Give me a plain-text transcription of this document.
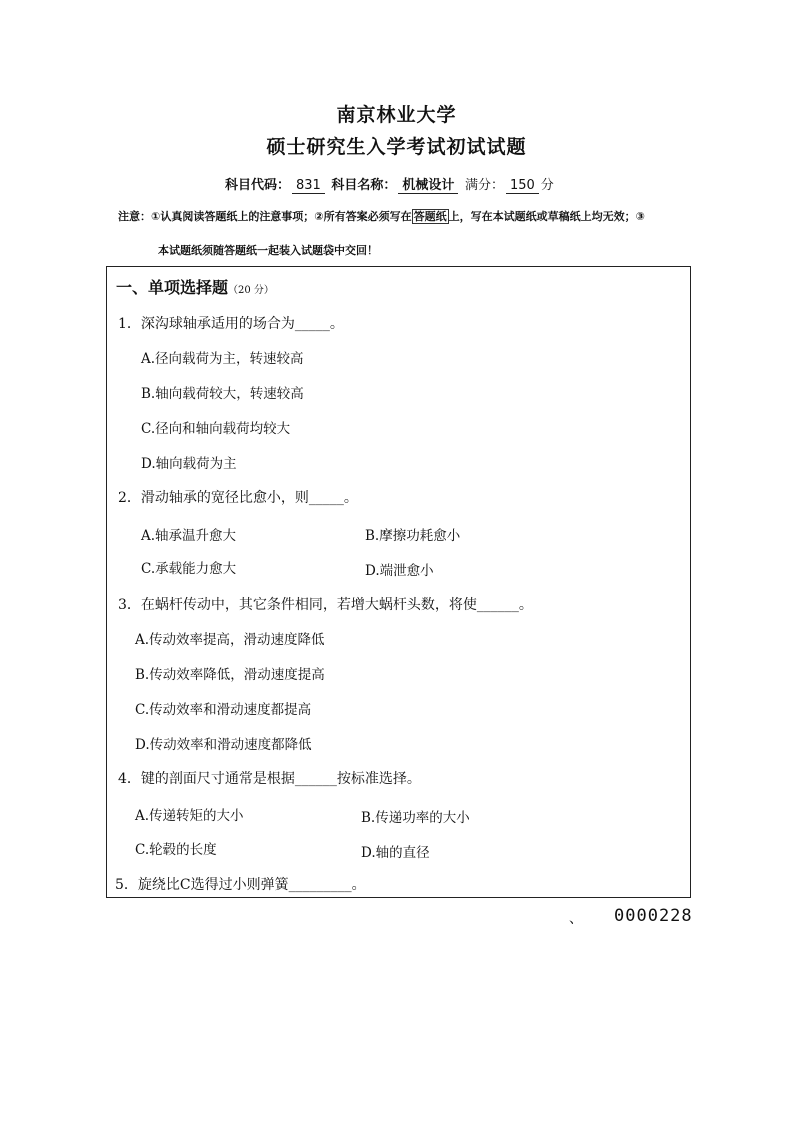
南京林业大学
硕士研究生入学考试初试试题
科目代码： 831 科目名称： 机械设计 满分： 150 分
注意：①认真阅读答题纸上的注意事项；②所有答案必须写在 答题纸 上，写在本试题纸或草稿纸上均无效；③
本试题纸须随答题纸一起装入试题袋中交回！
一、单项选择题（20 分）
1．深沟球轴承适用的场合为_____。
A.径向载荷为主，转速较高
B.轴向载荷较大，转速较高
C.径向和轴向载荷均较大
D.轴向载荷为主
2．滑动轴承的宽径比愈小，则_____。
A.轴承温升愈大	B.摩擦功耗愈小
C.承载能力愈大	D.端泄愈小
3．在蜗杆传动中，其它条件相同，若增大蜗杆头数，将使______。
A.传动效率提高，滑动速度降低
B.传动效率降低，滑动速度提高
C.传动效率和滑动速度都提高
D.传动效率和滑动速度都降低
4．键的剖面尺寸通常是根据______按标准选择。
A.传递转矩的大小	B.传递功率的大小
C.轮毂的长度	D.轴的直径
5．旋绕比C选得过小则弹簧_________。
、 0000228
